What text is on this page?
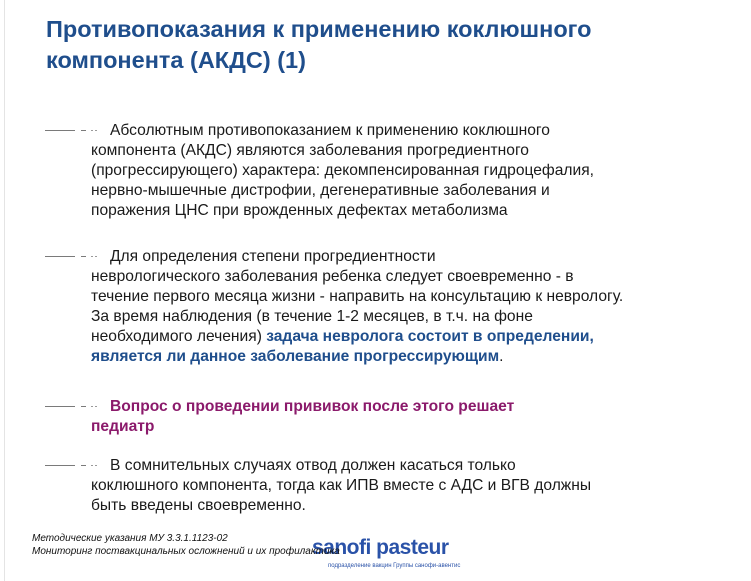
Противопоказания к применению коклюшного
компонента (АКДС) (1)
Абсолютным противопоказанием к применению коклюшного
компонента (АКДС) являются заболевания прогредиентного
(прогрессирующего) характера: декомпенсированная гидроцефалия,
нервно-мышечные дистрофии, дегенеративные заболевания и
поражения ЦНС при врожденных дефектах метаболизма
Для определения степени прогредиентности
неврологического заболевания ребенка следует своевременно - в
течение первого месяца жизни - направить на консультацию к неврологу.
За время наблюдения (в течение 1-2 месяцев, в т.ч. на фоне
необходимого лечения) задача невролога состоит в определении,
является ли данное заболевание прогрессирующим.
Вопрос о проведении прививок после этого решает
педиатр
В сомнительных случаях отвод должен касаться только
коклюшного компонента, тогда как ИПВ вместе с АДС и ВГВ должны
быть введены своевременно.
sanofi pasteur
подразделение вакцин Группы санофи-авентис
Методические указания МУ 3.3.1.1123-02
Мониторинг поствакцинальных осложнений и их профилактика
